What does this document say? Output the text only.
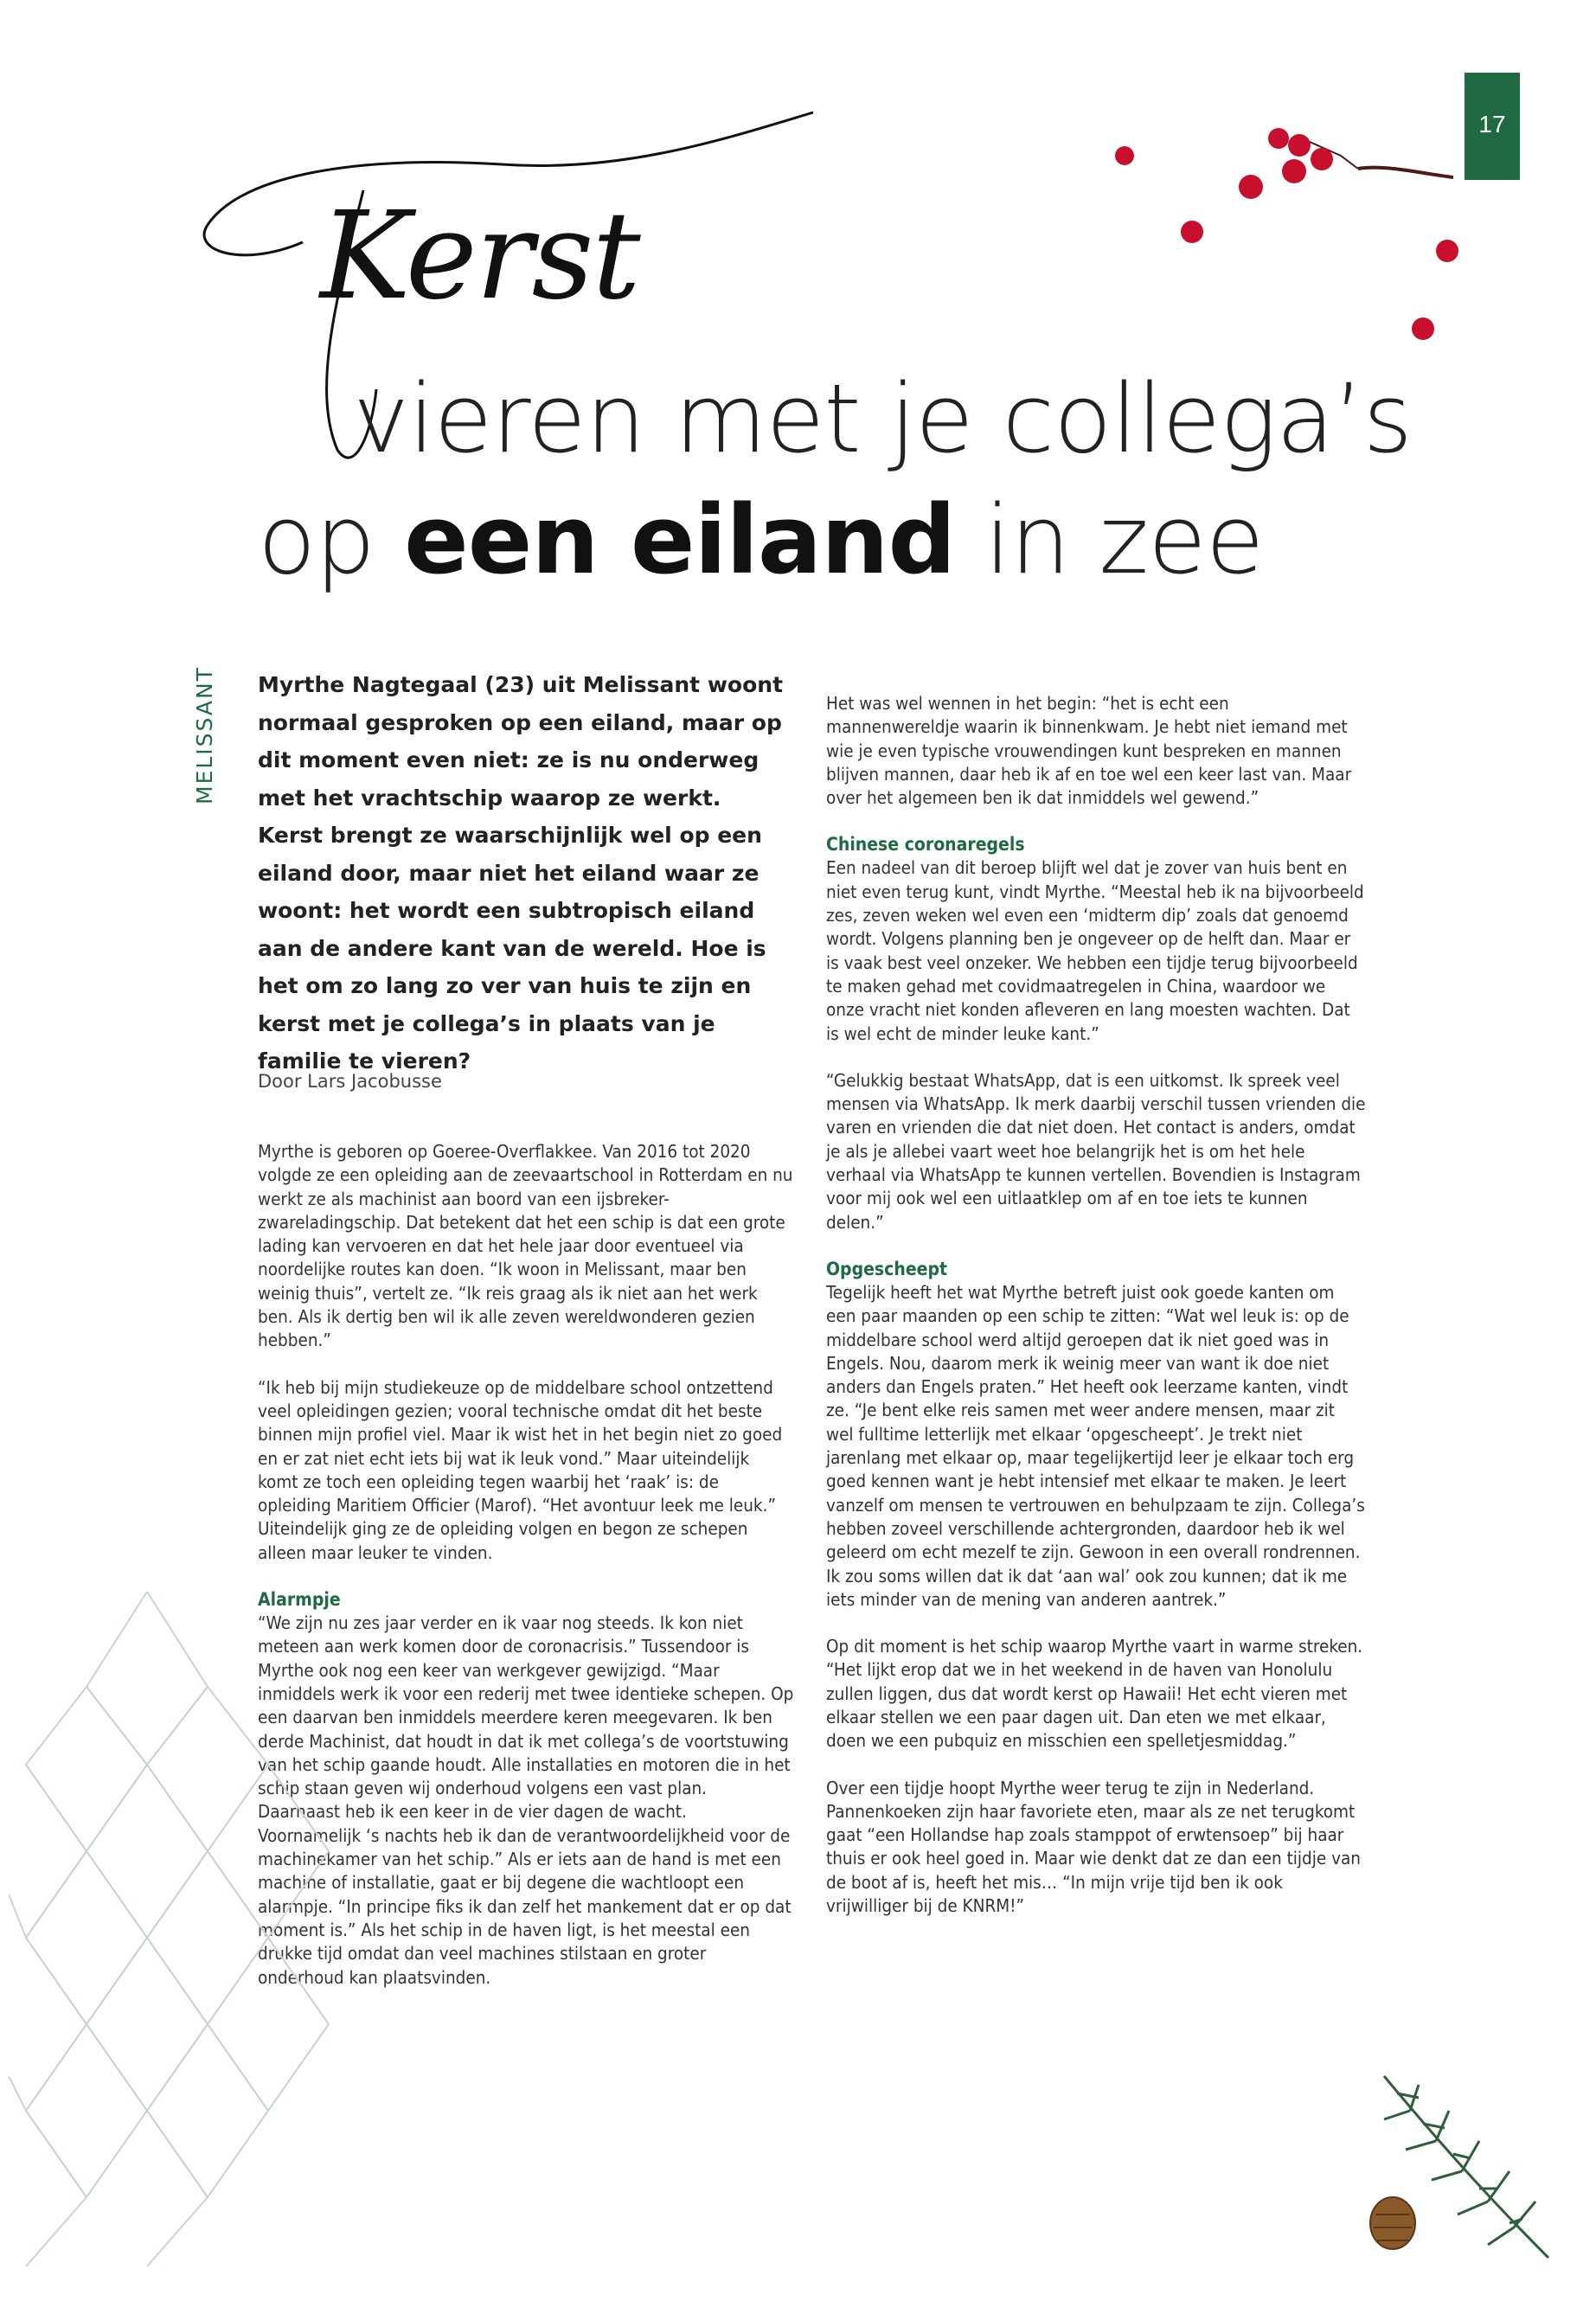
17
Kerst
vieren met je collega’s
op een eiland in zee
MELISSANT Myrthe Nagtegaal (23) uit Melissant woont normaal gesproken op een eiland, maar op dit moment even niet: ze is nu onderweg met het vrachtschip waarop ze werkt. Kerst brengt ze waarschijnlijk wel op een eiland door, maar niet het eiland waar ze woont: het wordt een subtropisch eiland aan de andere kant van de wereld. Hoe is het om zo lang zo ver van huis te zijn en kerst met je collega’s in plaats van je familie te vieren?

Door Lars Jacobusse

Myrthe is geboren op Goeree-Overflakkee. Van 2016 tot 2020 volgde ze een opleiding aan de zeevaartschool in Rotterdam en nu werkt ze als machinist aan boord van een ijsbreker-zwareladingschip. Dat betekent dat het een schip is dat een grote lading kan vervoeren en dat het hele jaar door eventueel via noordelijke routes kan doen. “Ik woon in Melissant, maar ben weinig thuis”, vertelt ze. “Ik reis graag als ik niet aan het werk ben. Als ik dertig ben wil ik alle zeven wereldwonderen gezien hebben.”

“Ik heb bij mijn studiekeuze op de middelbare school ontzettend veel opleidingen gezien; vooral technische omdat dit het beste binnen mijn profiel viel. Maar ik wist het in het begin niet zo goed en er zat niet echt iets bij wat ik leuk vond.” Maar uiteindelijk komt ze toch een opleiding tegen waarbij het ‘raak’ is: de opleiding Maritiem Officier (Marof). “Het avontuur leek me leuk.” Uiteindelijk ging ze de opleiding volgen en begon ze schepen alleen maar leuker te vinden.

Alarmpje

“We zijn nu zes jaar verder en ik vaar nog steeds. Ik kon niet meteen aan werk komen door de coronacrisis.” Tussendoor is Myrthe ook nog een keer van werkgever gewijzigd. “Maar inmiddels werk ik voor een rederij met twee identieke schepen. Op een daarvan ben inmiddels meerdere keren meegevaren. Ik ben derde Machinist, dat houdt in dat ik met collega’s de voortstuwing van het schip gaande houdt. Alle installaties en motoren die in het schip staan geven wij onderhoud volgens een vast plan. Daarnaast heb ik een keer in de vier dagen de wacht. Voornamelijk ‘s nachts heb ik dan de verantwoordelijkheid voor de machinekamer van het schip.” Als er iets aan de hand is met een machine of installatie, gaat er bij degene die wachtloopt een alarmpje. “In principe fiks ik dan zelf het mankement dat er op dat moment is.” Als het schip in de haven ligt, is het meestal een drukke tijd omdat dan veel machines stilstaan en groter onderhoud kan plaatsvinden.

Het was wel wennen in het begin: “het is echt een mannenwereldje waarin ik binnenkwam. Je hebt niet iemand met wie je even typische vrouwendingen kunt bespreken en mannen blijven mannen, daar heb ik af en toe wel een keer last van. Maar over het algemeen ben ik dat inmiddels wel gewend.”

Chinese coronaregels

Een nadeel van dit beroep blijft wel dat je zover van huis bent en niet even terug kunt, vindt Myrthe. “Meestal heb ik na bijvoorbeeld zes, zeven weken wel even een ‘midterm dip’ zoals dat genoemd wordt. Volgens planning ben je ongeveer op de helft dan. Maar er is vaak best veel onzeker. We hebben een tijdje terug bijvoorbeeld te maken gehad met covidmaatregelen in China, waardoor we onze vracht niet konden afleveren en lang moesten wachten. Dat is wel echt de minder leuke kant.”

“Gelukkig bestaat WhatsApp, dat is een uitkomst. Ik spreek veel mensen via WhatsApp. Ik merk daarbij verschil tussen vrienden die varen en vrienden die dat niet doen. Het contact is anders, omdat je als je allebei vaart weet hoe belangrijk het is om het hele verhaal via WhatsApp te kunnen vertellen. Bovendien is Instagram voor mij ook wel een uitlaatklep om af en toe iets te kunnen delen.”

Opgescheept

Tegelijk heeft het wat Myrthe betreft juist ook goede kanten om een paar maanden op een schip te zitten: “Wat wel leuk is: op de middelbare school werd altijd geroepen dat ik niet goed was in Engels. Nou, daarom merk ik weinig meer van want ik doe niet anders dan Engels praten.” Het heeft ook leerzame kanten, vindt ze. “Je bent elke reis samen met weer andere mensen, maar zit wel fulltime letterlijk met elkaar ‘opgescheept’. Je trekt niet jarenlang met elkaar op, maar tegelijkertijd leer je elkaar toch erg goed kennen want je hebt intensief met elkaar te maken. Je leert vanzelf om mensen te vertrouwen en behulpzaam te zijn. Collega’s hebben zoveel verschillende achtergronden, daardoor heb ik wel geleerd om echt mezelf te zijn. Gewoon in een overall rondrennen. Ik zou soms willen dat ik dat ‘aan wal’ ook zou kunnen; dat ik me iets minder van de mening van anderen aantrek.”

Op dit moment is het schip waarop Myrthe vaart in warme streken. “Het lijkt erop dat we in het weekend in de haven van Honolulu zullen liggen, dus dat wordt kerst op Hawaii! Het echt vieren met elkaar stellen we een paar dagen uit. Dan eten we met elkaar, doen we een pubquiz en misschien een spelletjesmiddag.”

Over een tijdje hoopt Myrthe weer terug te zijn in Nederland. Pannenkoeken zijn haar favoriete eten, maar als ze net terugkomt gaat “een Hollandse hap zoals stamppot of erwtensoep” bij haar thuis er ook heel goed in. Maar wie denkt dat ze dan een tijdje van de boot af is, heeft het mis… “In mijn vrije tijd ben ik ook vrijwilliger bij de KNRM!”
